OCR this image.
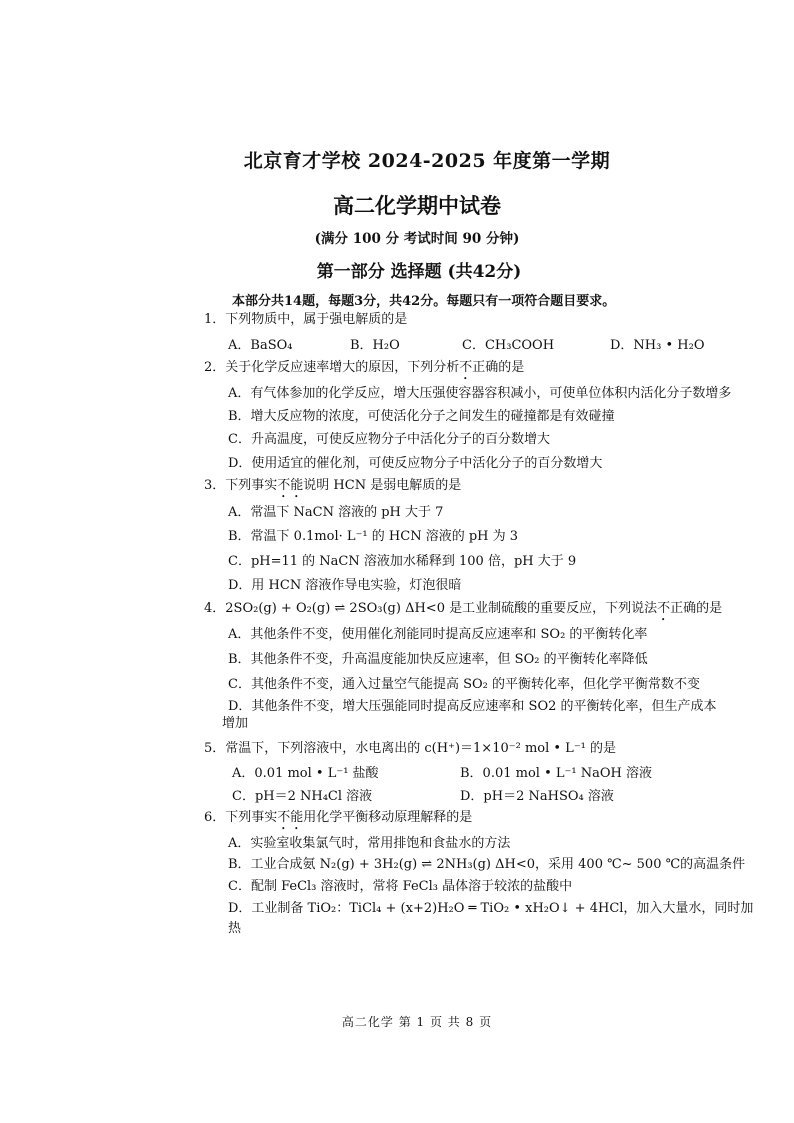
北京育才学校 2024-2025 年度第一学期
高二化学期中试卷
(满分 100 分 考试时间 90 分钟)
第一部分 选择题 (共42分)
本部分共14题，每题3分，共42分。每题只有一项符合题目要求。
1．下列物质中，属于强电解质的是
A．BaSO₄	B．H₂O	C．CH₃COOH	D．NH₃ • H₂O
2．关于化学反应速率增大的原因，下列分析不正确的是
A．有气体参加的化学反应，增大压强使容器容积减小，可使单位体积内活化分子数增多
B．增大反应物的浓度，可使活化分子之间发生的碰撞都是有效碰撞
C．升高温度，可使反应物分子中活化分子的百分数增大
D．使用适宜的催化剂，可使反应物分子中活化分子的百分数增大
3．下列事实不能说明 HCN 是弱电解质的是
A．常温下 NaCN 溶液的 pH 大于 7
B．常温下 0.1mol· L⁻¹ 的 HCN 溶液的 pH 为 3
C．pH=11 的 NaCN 溶液加水稀释到 100 倍，pH 大于 9
D．用 HCN 溶液作导电实验，灯泡很暗
4．2SO₂(g) + O₂(g) ⇌ 2SO₃(g) ΔH<0 是工业制硫酸的重要反应，下列说法不正确的是
A．其他条件不变，使用催化剂能同时提高反应速率和 SO₂ 的平衡转化率
B．其他条件不变，升高温度能加快反应速率，但 SO₂ 的平衡转化率降低
C．其他条件不变，通入过量空气能提高 SO₂ 的平衡转化率，但化学平衡常数不变
D．其他条件不变，增大压强能同时提高反应速率和 SO2 的平衡转化率，但生产成本
增加
5．常温下，下列溶液中，水电离出的 c(H⁺)＝1×10⁻² mol • L⁻¹ 的是
A．0.01 mol • L⁻¹ 盐酸	B．0.01 mol • L⁻¹ NaOH 溶液
C．pH＝2 NH₄Cl 溶液	D．pH＝2 NaHSO₄ 溶液
6．下列事实不能用化学平衡移动原理解释的是
A．实验室收集氯气时，常用排饱和食盐水的方法
B．工业合成氨 N₂(g) + 3H₂(g) ⇌ 2NH₃(g) ΔH<0，采用 400 ℃~ 500 ℃的高温条件
C．配制 FeCl₃ 溶液时，常将 FeCl₃ 晶体溶于较浓的盐酸中
D．工业制备 TiO₂：TiCl₄ + (x+2)H₂O ═ TiO₂ • xH₂O↓ + 4HCl，加入大量水，同时加
热
高二化学 第 1 页 共 8 页
